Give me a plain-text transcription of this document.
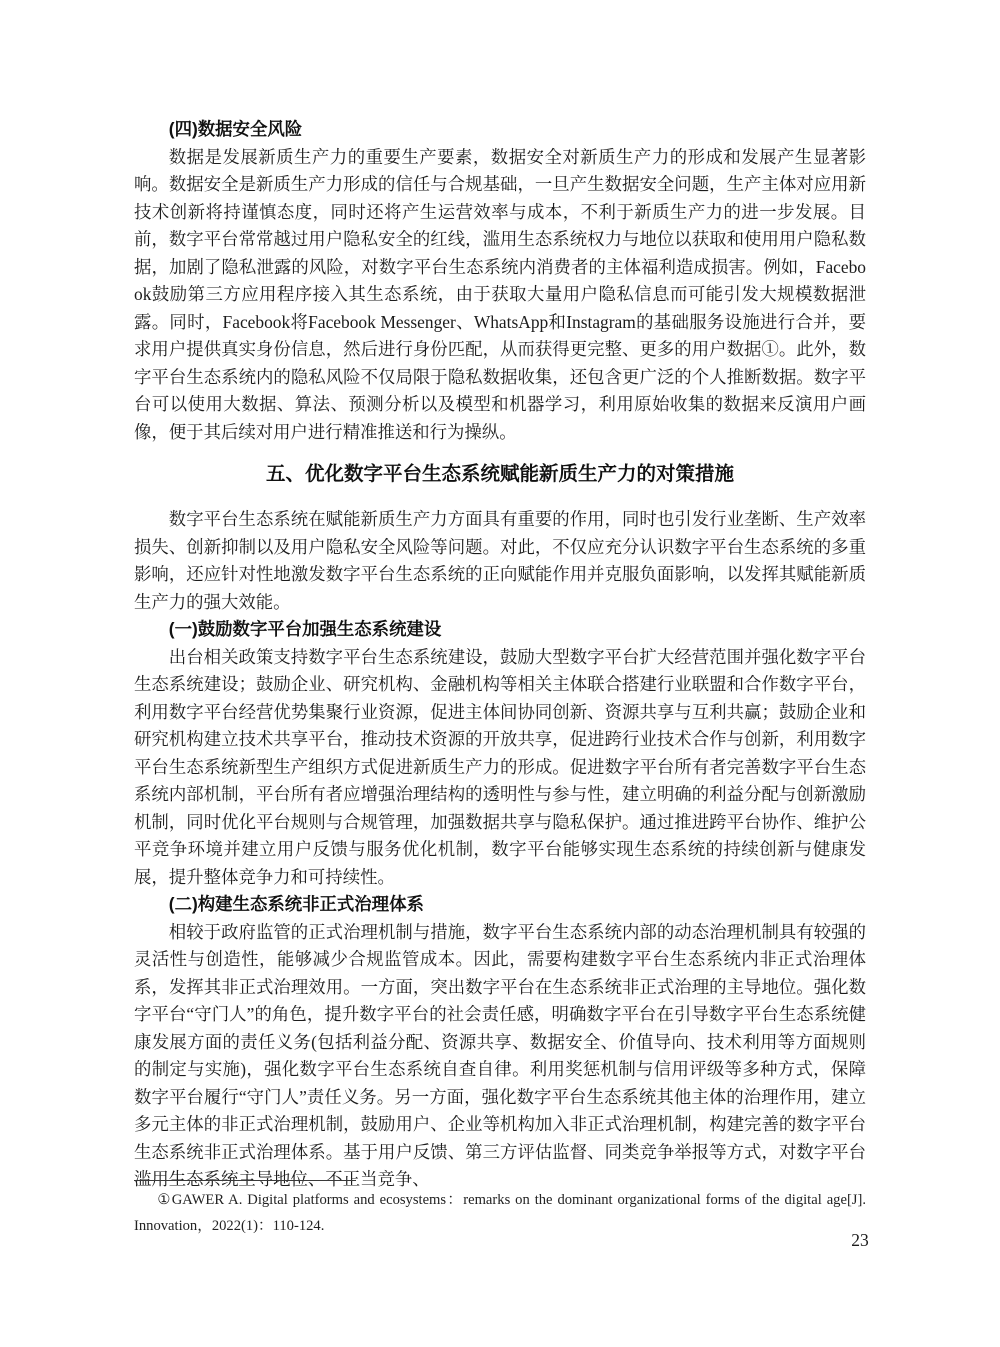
(四)数据安全风险

数据是发展新质生产力的重要生产要素，数据安全对新质生产力的形成和发展产生显著影响。数据安全是新质生产力形成的信任与合规基础，一旦产生数据安全问题，生产主体对应用新技术创新将持谨慎态度，同时还将产生运营效率与成本，不利于新质生产力的进一步发展。目前，数字平台常常越过用户隐私安全的红线，滥用生态系统权力与地位以获取和使用用户隐私数据，加剧了隐私泄露的风险，对数字平台生态系统内消费者的主体福利造成损害。例如，Facebook鼓励第三方应用程序接入其生态系统，由于获取大量用户隐私信息而可能引发大规模数据泄露。同时，Facebook将Facebook Messenger、WhatsApp和Instagram的基础服务设施进行合并，要求用户提供真实身份信息，然后进行身份匹配，从而获得更完整、更多的用户数据①。此外，数字平台生态系统内的隐私风险不仅局限于隐私数据收集，还包含更广泛的个人推断数据。数字平台可以使用大数据、算法、预测分析以及模型和机器学习，利用原始收集的数据来反演用户画像，便于其后续对用户进行精准推送和行为操纵。

五、优化数字平台生态系统赋能新质生产力的对策措施

数字平台生态系统在赋能新质生产力方面具有重要的作用，同时也引发行业垄断、生产效率损失、创新抑制以及用户隐私安全风险等问题。对此，不仅应充分认识数字平台生态系统的多重影响，还应针对性地激发数字平台生态系统的正向赋能作用并克服负面影响，以发挥其赋能新质生产力的强大效能。

(一)鼓励数字平台加强生态系统建设

出台相关政策支持数字平台生态系统建设，鼓励大型数字平台扩大经营范围并强化数字平台生态系统建设；鼓励企业、研究机构、金融机构等相关主体联合搭建行业联盟和合作数字平台，利用数字平台经营优势集聚行业资源，促进主体间协同创新、资源共享与互利共赢；鼓励企业和研究机构建立技术共享平台，推动技术资源的开放共享，促进跨行业技术合作与创新，利用数字平台生态系统新型生产组织方式促进新质生产力的形成。促进数字平台所有者完善数字平台生态系统内部机制，平台所有者应增强治理结构的透明性与参与性，建立明确的利益分配与创新激励机制，同时优化平台规则与合规管理，加强数据共享与隐私保护。通过推进跨平台协作、维护公平竞争环境并建立用户反馈与服务优化机制，数字平台能够实现生态系统的持续创新与健康发展，提升整体竞争力和可持续性。

(二)构建生态系统非正式治理体系

相较于政府监管的正式治理机制与措施，数字平台生态系统内部的动态治理机制具有较强的灵活性与创造性，能够减少合规监管成本。因此，需要构建数字平台生态系统内非正式治理体系，发挥其非正式治理效用。一方面，突出数字平台在生态系统非正式治理的主导地位。强化数字平台“守门人”的角色，提升数字平台的社会责任感，明确数字平台在引导数字平台生态系统健康发展方面的责任义务(包括利益分配、资源共享、数据安全、价值导向、技术利用等方面规则的制定与实施)，强化数字平台生态系统自查自律。利用奖惩机制与信用评级等多种方式，保障数字平台履行“守门人”责任义务。另一方面，强化数字平台生态系统其他主体的治理作用，建立多元主体的非正式治理机制，鼓励用户、企业等机构加入非正式治理机制，构建完善的数字平台生态系统非正式治理体系。基于用户反馈、第三方评估监督、同类竞争举报等方式，对数字平台滥用生态系统主导地位、不正当竞争、

①GAWER A. Digital platforms and ecosystems：remarks on the dominant organizational forms of the digital age[J]. Innovation，2022(1)：110-124.

23
